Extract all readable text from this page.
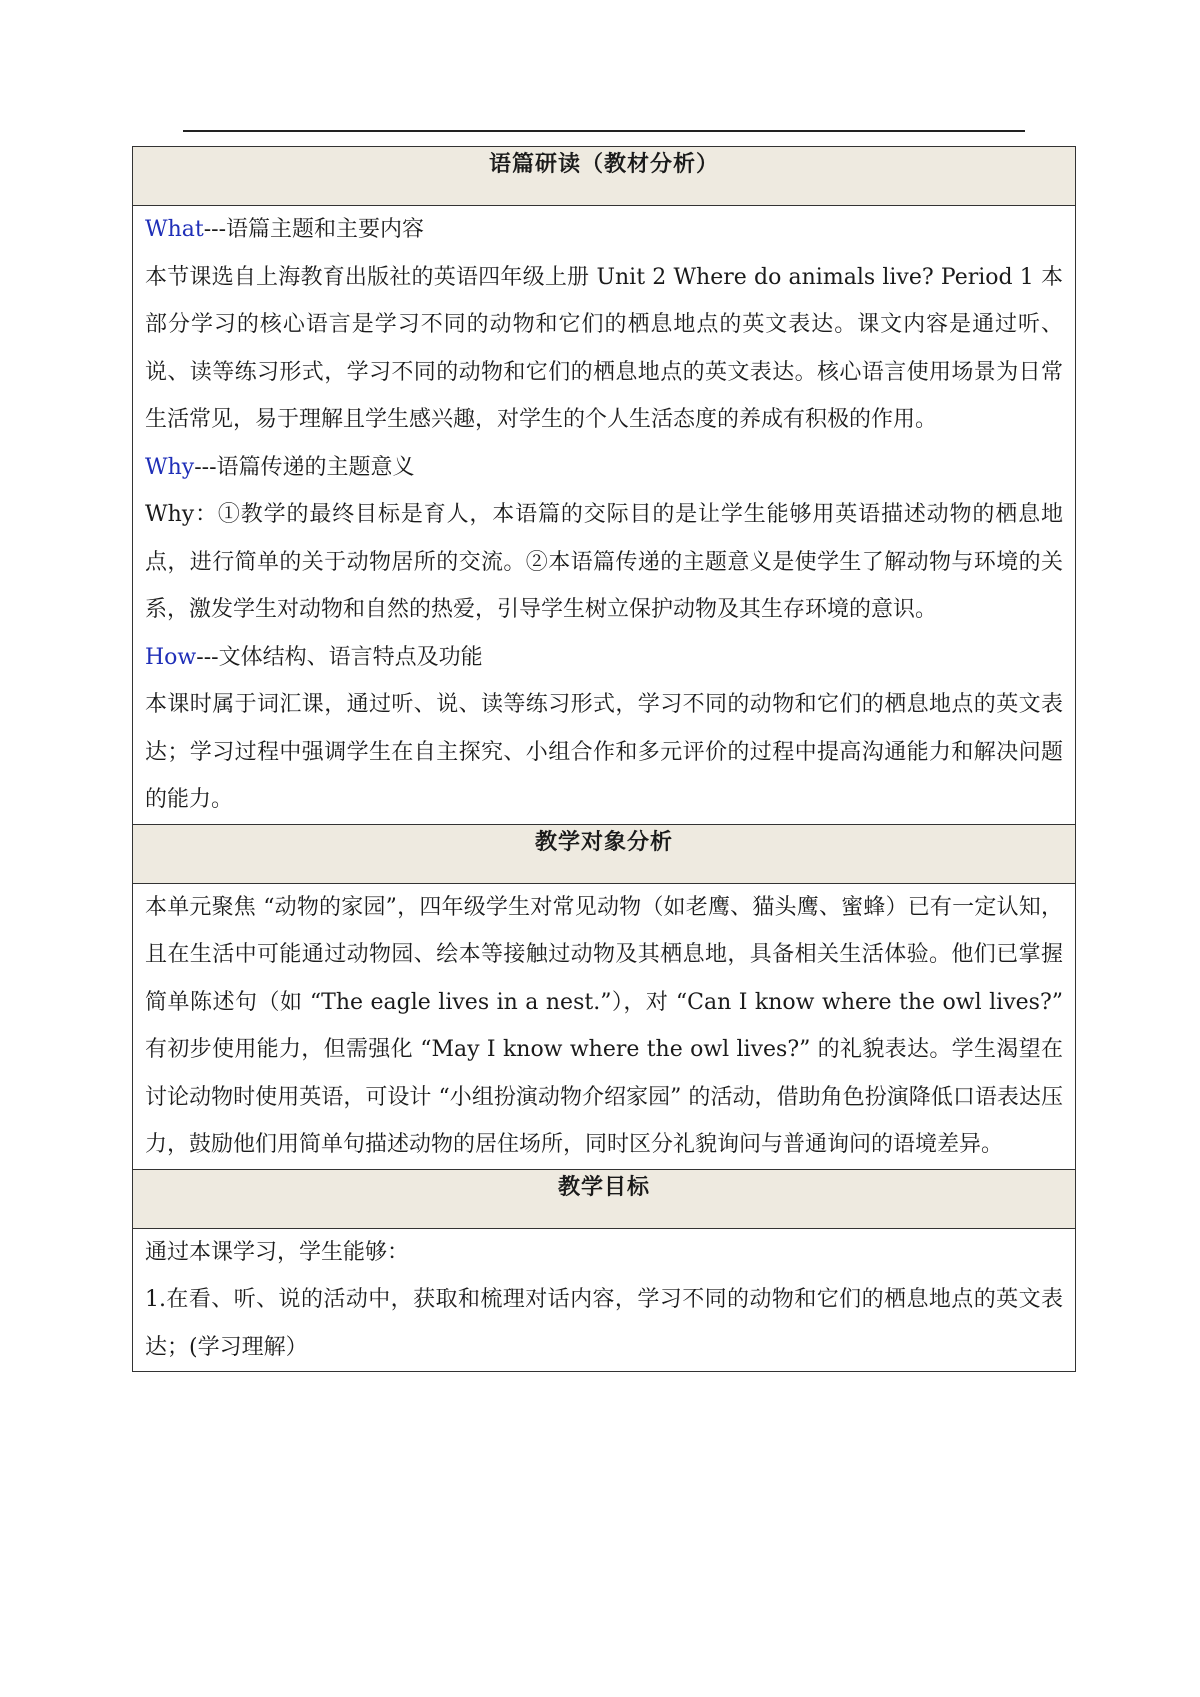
语篇研读（教材分析）

What---语篇主题和主要内容

本节课选自上海教育出版社的英语四年级上册 Unit 2 Where do animals live? Period 1 本部分学习的核心语言是学习不同的动物和它们的栖息地点的英文表达。课文内容是通过听、说、读等练习形式，学习不同的动物和它们的栖息地点的英文表达。核心语言使用场景为日常生活常见，易于理解且学生感兴趣，对学生的个人生活态度的养成有积极的作用。

Why---语篇传递的主题意义

Why：①教学的最终目标是育人，本语篇的交际目的是让学生能够用英语描述动物的栖息地点，进行简单的关于动物居所的交流。②本语篇传递的主题意义是使学生了解动物与环境的关系，激发学生对动物和自然的热爱，引导学生树立保护动物及其生存环境的意识。

How---文体结构、语言特点及功能

本课时属于词汇课，通过听、说、读等练习形式，学习不同的动物和它们的栖息地点的英文表达；学习过程中强调学生在自主探究、小组合作和多元评价的过程中提高沟通能力和解决问题的能力。

教学对象分析

本单元聚焦 “动物的家园”，四年级学生对常见动物（如老鹰、猫头鹰、蜜蜂）已有一定认知，且在生活中可能通过动物园、绘本等接触过动物及其栖息地，具备相关生活体验。他们已掌握简单陈述句（如 “The eagle lives in a nest.”），对 “Can I know where the owl lives?” 有初步使用能力，但需强化 “May I know where the owl lives?” 的礼貌表达。学生渴望在讨论动物时使用英语，可设计 “小组扮演动物介绍家园” 的活动，借助角色扮演降低口语表达压力，鼓励他们用简单句描述动物的居住场所，同时区分礼貌询问与普通询问的语境差异。

教学目标

通过本课学习，学生能够：

1.在看、听、说的活动中，获取和梳理对话内容，学习不同的动物和它们的栖息地点的英文表达；(学习理解）
